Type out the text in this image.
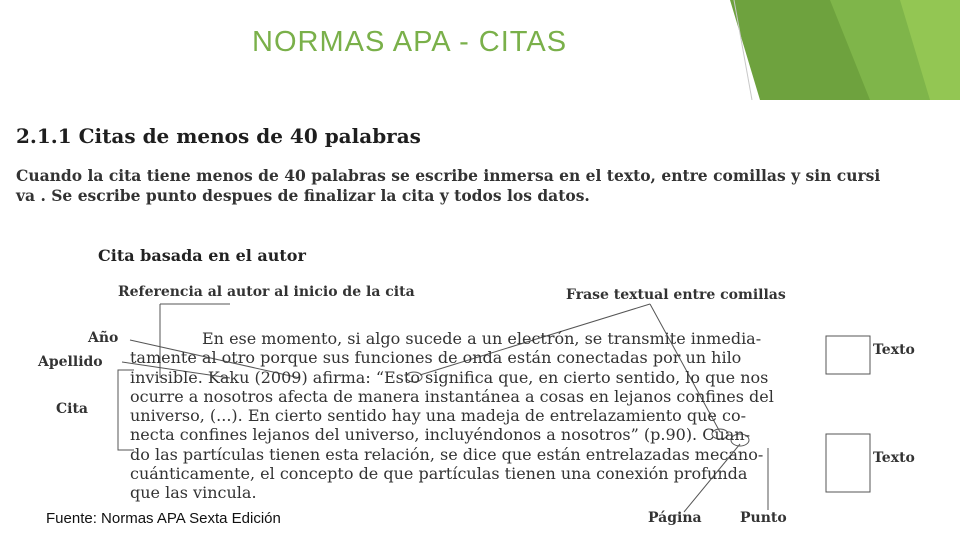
NORMAS APA - CITAS
2.1.1 Citas de menos de 40 palabras
Cuando la cita tiene menos de 40 palabras se escribe inmersa en el texto, entre comillas y sin cursi
va . Se escribe punto despues de finalizar la cita y todos los datos.
Cita basada en el autor
Referencia al autor al inicio de la cita	Frase textual entre comillas
Año
Apellido
Cita
Texto
Texto
Página	Punto
En ese momento, si algo sucede a un electrón, se transmite inmedia-
tamente al otro porque sus funciones de onda están conectadas por un hilo
invisible. Kaku (2009) afirma: “Esto significa que, en cierto sentido, lo que nos
ocurre a nosotros afecta de manera instantánea a cosas en lejanos confines del
universo, (...). En cierto sentido hay una madeja de entrelazamiento que co-
necta confines lejanos del universo, incluyéndonos a nosotros” (p.90). Cuan-
do las partículas tienen esta relación, se dice que están entrelazadas mecano-
cuánticamente, el concepto de que partículas tienen una conexión profunda
que las vincula.
Fuente: Normas APA Sexta Edición
